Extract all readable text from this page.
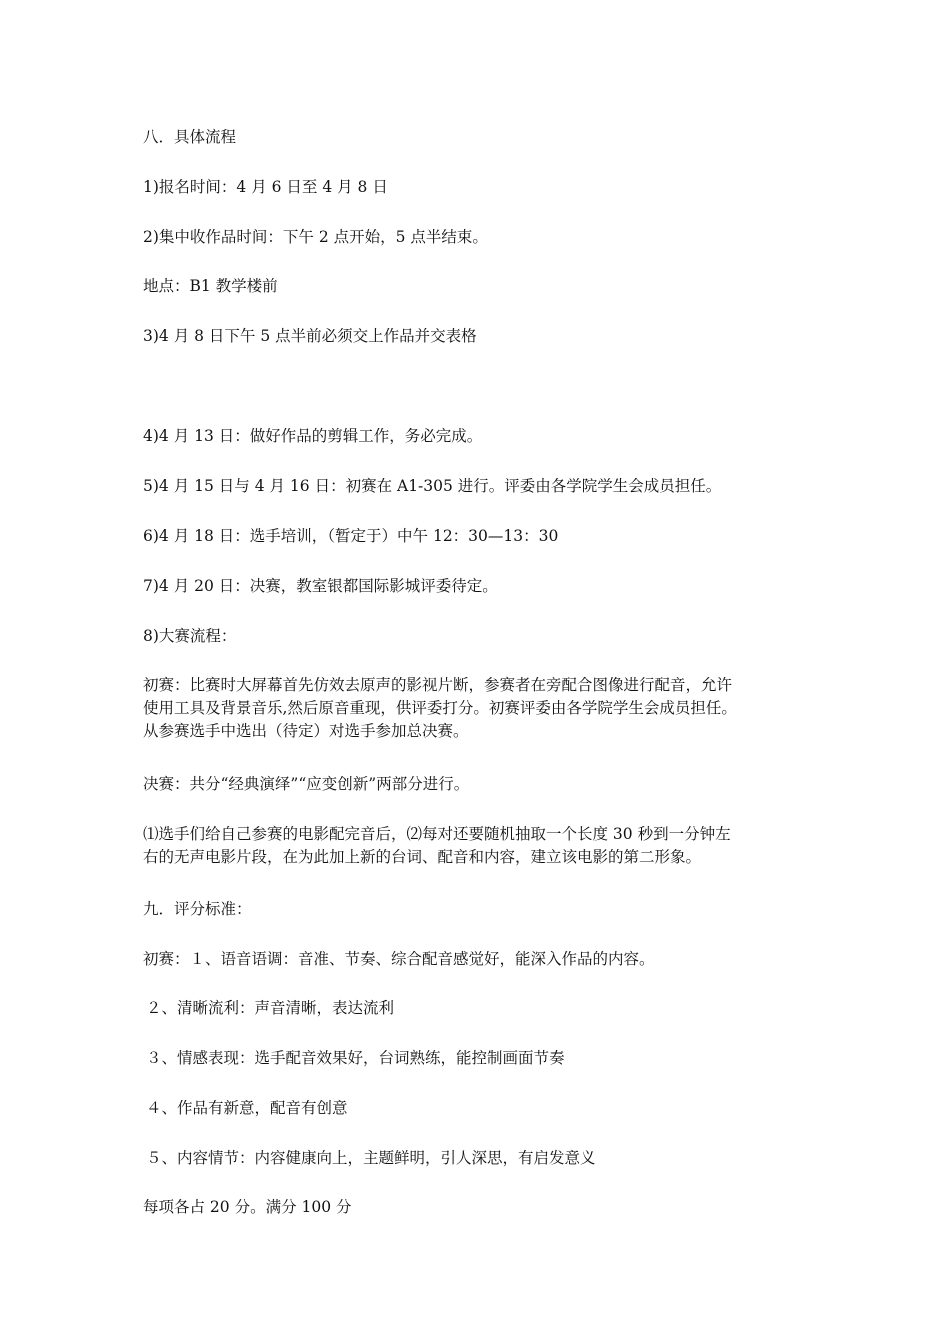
八．具体流程
1)报名时间：4 月 6 日至 4 月 8 日
2)集中收作品时间：下午 2 点开始，5 点半结束。
地点：B1 教学楼前
3)4 月 8 日下午 5 点半前必须交上作品并交表格
4)4 月 13 日：做好作品的剪辑工作，务必完成。
5)4 月 15 日与 4 月 16 日：初赛在 A1-305 进行。评委由各学院学生会成员担任。
6)4 月 18 日：选手培训，（暂定于）中午 12：30—13：30
7)4 月 20 日：决赛，教室银都国际影城评委待定。
8)大赛流程：
初赛：比赛时大屏幕首先仿效去原声的影视片断，参赛者在旁配合图像进行配音，允许
使用工具及背景音乐,然后原音重现，供评委打分。初赛评委由各学院学生会成员担任。
从参赛选手中选出（待定）对选手参加总决赛。
决赛：共分“经典演绎”“应变创新”两部分进行。
⑴选手们给自己参赛的电影配完音后，⑵每对还要随机抽取一个长度 30 秒到一分钟左
右的无声电影片段，在为此加上新的台词、配音和内容，建立该电影的第二形象。
九．评分标准：
初赛：１、语音语调：音准、节奏、综合配音感觉好，能深入作品的内容。
２、清晰流利：声音清晰，表达流利
３、情感表现：选手配音效果好，台词熟练，能控制画面节奏
４、作品有新意，配音有创意
５、内容情节：内容健康向上，主题鲜明，引人深思，有启发意义
每项各占 20 分。满分 100 分
